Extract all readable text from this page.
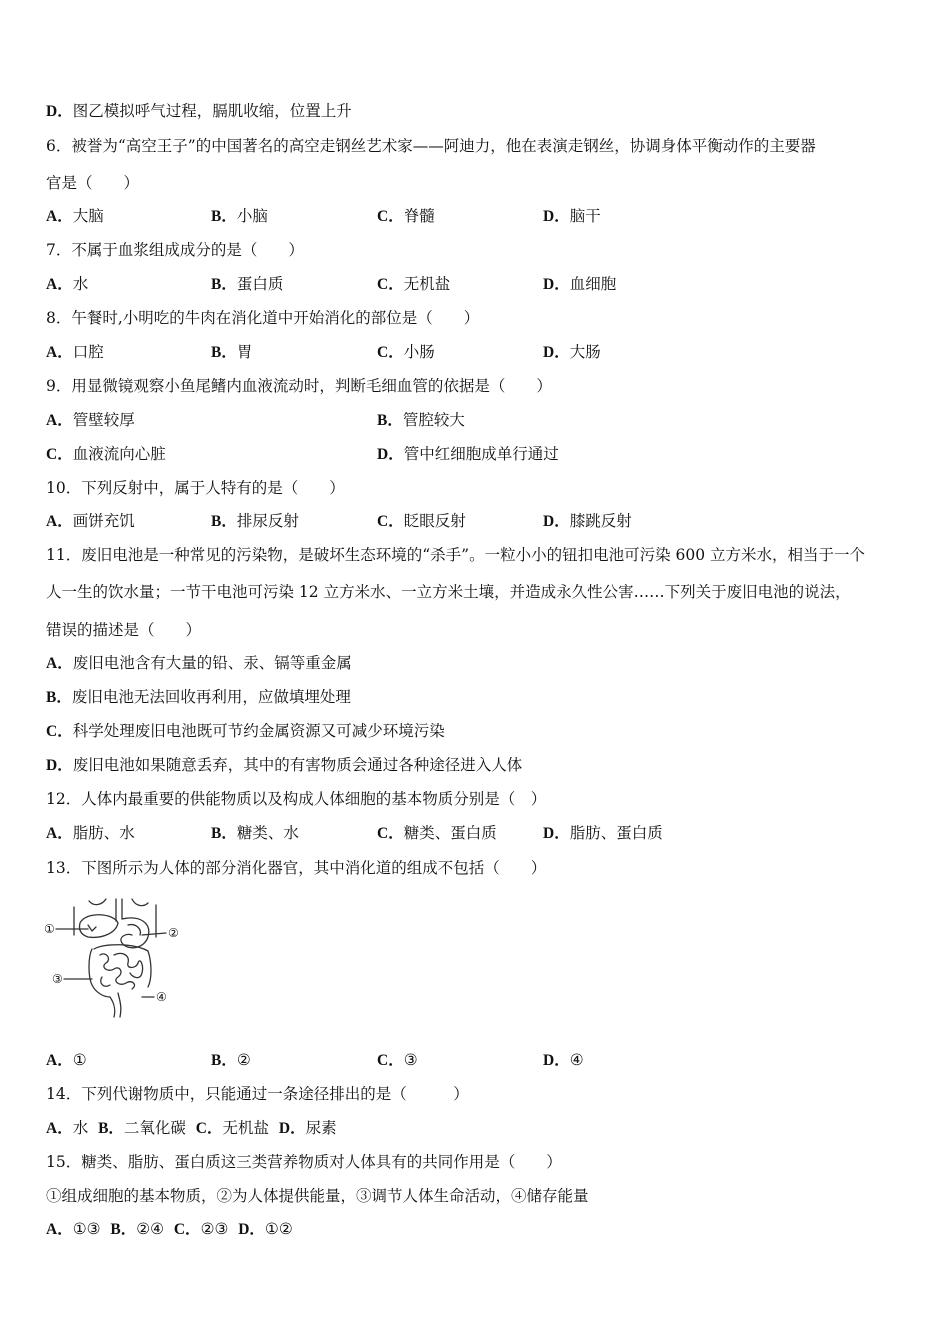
D．图乙模拟呼气过程，膈肌收缩，位置上升
6．被誉为“高空王子”的中国著名的高空走钢丝艺术家——阿迪力，他在表演走钢丝，协调身体平衡动作的主要器
官是（　　）
A．大脑	B．小脑	C．脊髓	D．脑干
7．不属于血浆组成成分的是（　　）
A．水	B．蛋白质	C．无机盐	D．血细胞
8．午餐时,小明吃的牛肉在消化道中开始消化的部位是（　　）
A．口腔	B．胃	C．小肠	D．大肠
9．用显微镜观察小鱼尾鳍内血液流动时，判断毛细血管的依据是（　　）
A．管壁较厚	B．管腔较大
C．血液流向心脏	D．管中红细胞成单行通过
10．下列反射中，属于人特有的是（　　）
A．画饼充饥	B．排尿反射	C．眨眼反射	D．膝跳反射
11．废旧电池是一种常见的污染物，是破坏生态环境的“杀手”。一粒小小的钮扣电池可污染 600 立方米水，相当于一个
人一生的饮水量；一节干电池可污染 12 立方米水、一立方米土壤，并造成永久性公害……下列关于废旧电池的说法，
错误的描述是（　　）
A．废旧电池含有大量的铅、汞、镉等重金属
B．废旧电池无法回收再利用，应做填埋处理
C．科学处理废旧电池既可节约金属资源又可减少环境污染
D．废旧电池如果随意丢弃，其中的有害物质会通过各种途径进入人体
12．人体内最重要的供能物质以及构成人体细胞的基本物质分别是（　）
A．脂肪、水	B．糖类、水	C．糖类、蛋白质	D．脂肪、蛋白质
13．下图所示为人体的部分消化器官，其中消化道的组成不包括（　　）
①	②
③
④
A．①	B．②	C．③	D．④
14．下列代谢物质中，只能通过一条途径排出的是（　　　）
A．水 B．二氧化碳 C．无机盐 D．尿素
15．糖类、脂肪、蛋白质这三类营养物质对人体具有的共同作用是（　　）
①组成细胞的基本物质，②为人体提供能量，③调节人体生命活动，④储存能量
A．①③ B．②④ C．②③ D．①②
